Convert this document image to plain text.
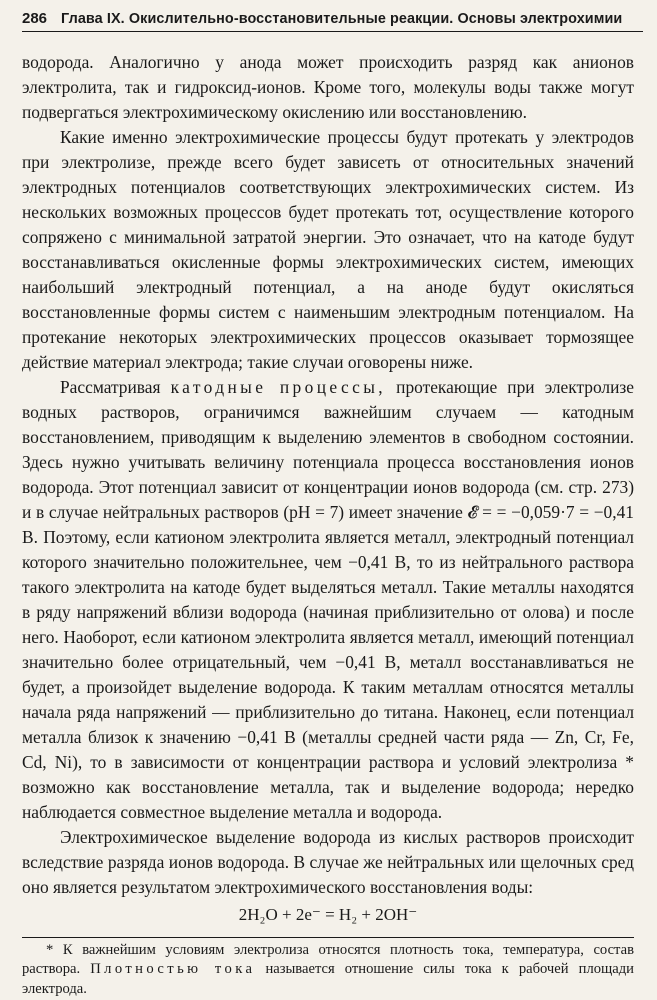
286 Глава IX. Окислительно-восстановительные реакции. Основы электрохимии

водорода. Аналогично у анода может происходить разряд как анионов электролита, так и гидроксид-ионов. Кроме того, молекулы воды также могут подвергаться электрохимическому окислению или восстановлению.

Какие именно электрохимические процессы будут протекать у электродов при электролизе, прежде всего будет зависеть от относительных значений электродных потенциалов соответствующих электрохимических систем. Из нескольких возможных процессов будет протекать тот, осуществление которого сопряжено с минимальной затратой энергии. Это означает, что на катоде будут восстанавливаться окисленные формы электрохимических систем, имеющих наибольший электродный потенциал, а на аноде будут окисляться восстановленные формы систем с наименьшим электродным потенциалом. На протекание некоторых электрохимических процессов оказывает тормозящее действие материал электрода; такие случаи оговорены ниже.

Рассматривая катодные процессы, протекающие при электролизе водных растворов, ограничимся важнейшим случаем — катодным восстановлением, приводящим к выделению элементов в свободном состоянии. Здесь нужно учитывать величину потенциала процесса восстановления ионов водорода. Этот потенциал зависит от концентрации ионов водорода (см. стр. 273) и в случае нейтральных растворов (pH = 7) имеет значение 𝓔 = = −0,059·7 = −0,41 В. Поэтому, если катионом электролита является металл, электродный потенциал которого значительно положительнее, чем −0,41 В, то из нейтрального раствора такого электролита на катоде будет выделяться металл. Такие металлы находятся в ряду напряжений вблизи водорода (начиная приблизительно от олова) и после него. Наоборот, если катионом электролита является металл, имеющий потенциал значительно более отрицательный, чем −0,41 В, металл восстанавливаться не будет, а произойдет выделение водорода. К таким металлам относятся металлы начала ряда напряжений — приблизительно до титана. Наконец, если потенциал металла близок к значению −0,41 В (металлы средней части ряда — Zn, Cr, Fe, Cd, Ni), то в зависимости от концентрации раствора и условий электролиза * возможно как восстановление металла, так и выделение водорода; нередко наблюдается совместное выделение металла и водорода.

Электрохимическое выделение водорода из кислых растворов происходит вследствие разряда ионов водорода. В случае же нейтральных или щелочных сред оно является результатом электрохимического восстановления воды:

2H₂O + 2e⁻ = H₂ + 2OH⁻

* К важнейшим условиям электролиза относятся плотность тока, температура, состав раствора. Плотностью тока называется отношение силы тока к рабочей площади электрода.
